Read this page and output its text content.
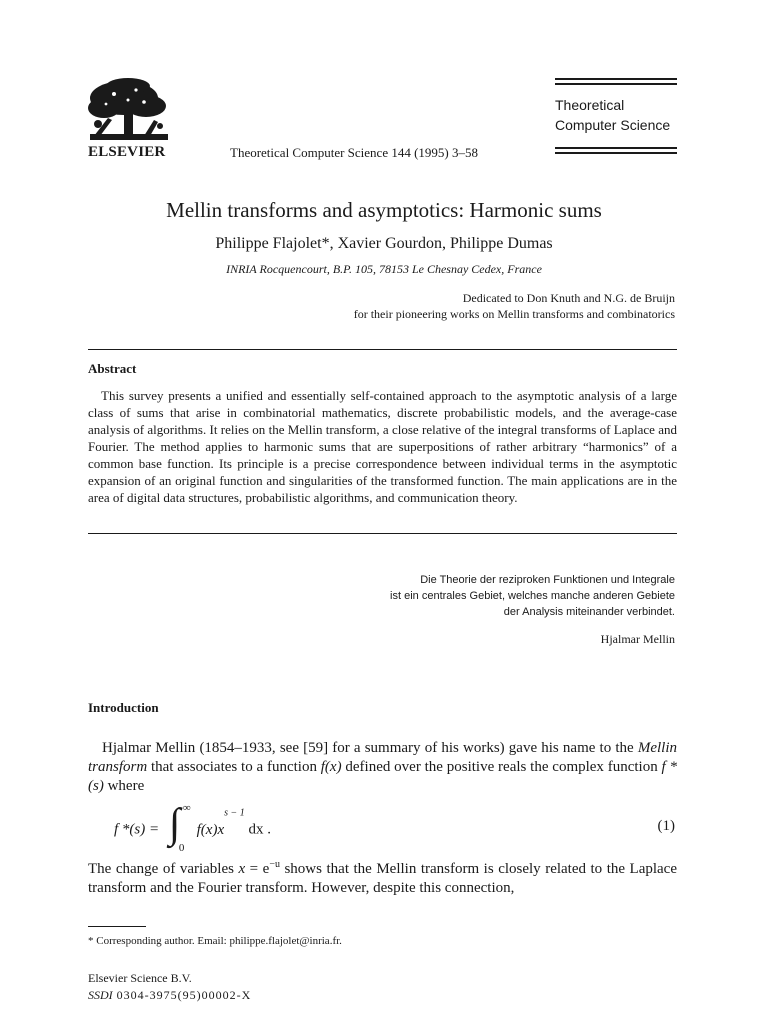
ELSEVIER	Theoretical Computer Science 144 (1995) 3–58
Theoretical
Computer Science
Mellin transforms and asymptotics: Harmonic sums
Philippe Flajolet*, Xavier Gourdon, Philippe Dumas
INRIA Rocquencourt, B.P. 105, 78153 Le Chesnay Cedex, France
Dedicated to Don Knuth and N.G. de Bruijn
for their pioneering works on Mellin transforms and combinatorics
Abstract
This survey presents a unified and essentially self-contained approach to the asymptotic analysis of a large class of sums that arise in combinatorial mathematics, discrete probabilistic models, and the average-case analysis of algorithms. It relies on the Mellin transform, a close relative of the integral transforms of Laplace and Fourier. The method applies to harmonic sums that are superpositions of rather arbitrary “harmonics” of a common base function. Its principle is a precise correspondence between individual terms in the asymptotic expansion of an original function and singularities of the transformed function. The main applications are in the area of digital data structures, probabilistic algorithms, and communication theory.
Die Theorie der reziproken Funktionen und Integrale
ist ein centrales Gebiet, welches manche anderen Gebiete
der Analysis miteinander verbindet.
Hjalmar Mellin
Introduction
Hjalmar Mellin (1854–1933, see [59] for a summary of his works) gave his name to the Mellin transform that associates to a function f(x) defined over the positive reals the complex function f *(s) where
f *(s) = ∫ ∞
0
$f(x)x^{s - 1}$ dx .	(1)
The change of variables $x = e^{-u}$ shows that the Mellin transform is closely related to the Laplace transform and the Fourier transform. However, despite this connection,
* Corresponding author. Email: philippe.flajolet@inria.fr.
Elsevier Science B.V.
SSDI 0304-3975(95)00002-X
